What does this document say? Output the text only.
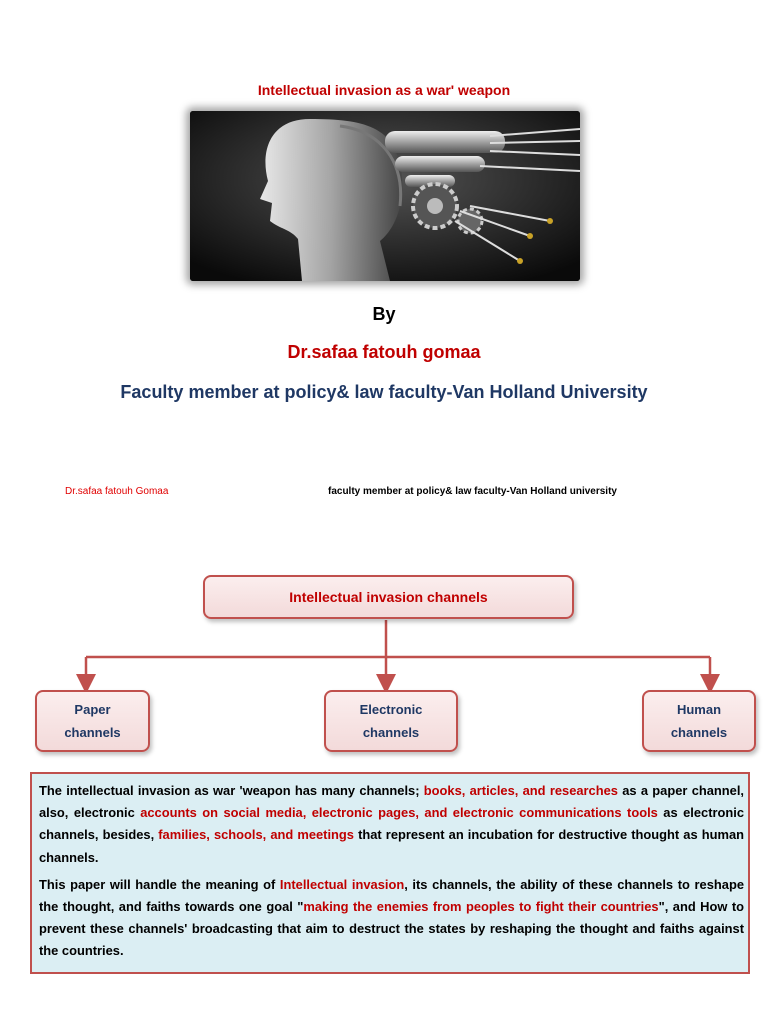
Intellectual invasion as a war' weapon
By
Dr.safaa fatouh gomaa
Faculty member at policy& law faculty-Van Holland University
Dr.safaa fatouh Gomaa	faculty member at policy& law faculty-Van Holland university
Intellectual invasion channels
Paper
channels
Electronic
channels
Human
channels

The intellectual invasion as war 'weapon has many channels; books, articles, and researches as a paper channel, also, electronic accounts on social media, electronic pages, and electronic communications tools as electronic channels, besides, families, schools, and meetings that represent an incubation for destructive thought as human channels.

This paper will handle the meaning of Intellectual invasion, its channels, the ability of these channels to reshape the thought, and faiths towards one goal "making the enemies from peoples to fight their countries", and How to prevent these channels' broadcasting that aim to destruct the states by reshaping the thought and faiths against the countries.
